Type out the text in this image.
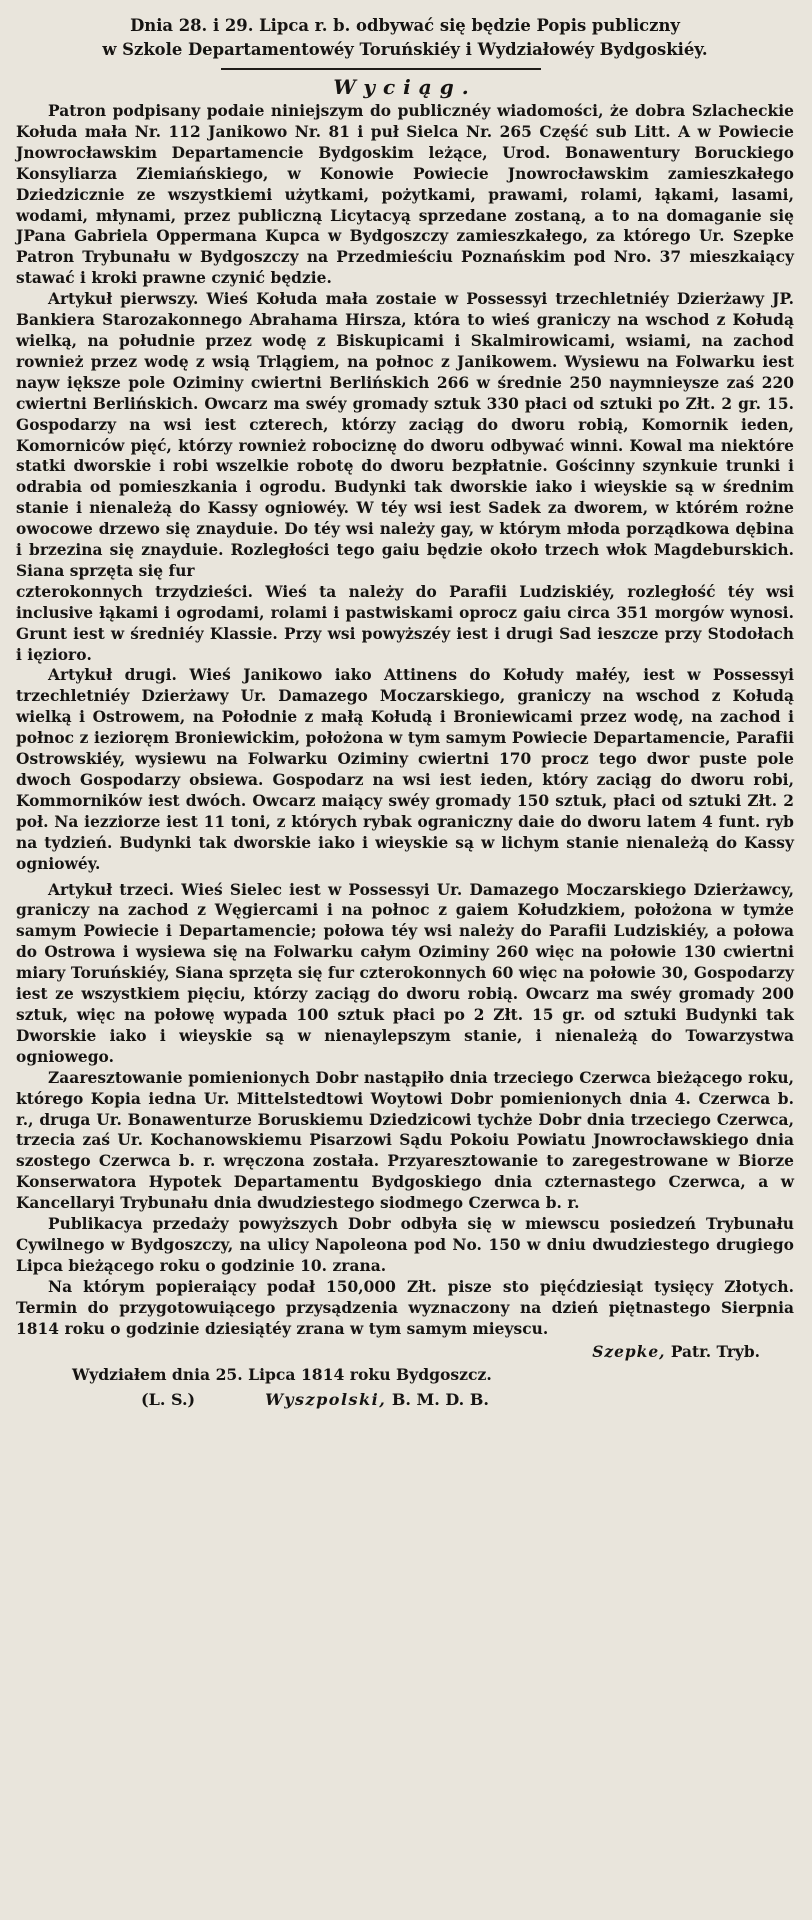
Dnia 28. i 29. Lipca r. b. odbywać się będzie Popis publiczny
w Szkole Departamentowéy Toruńskiéy i Wydziałowéy Bydgoskiéy.
Wyciąg.

Patron podpisany podaie niniejszym do publicznéy wiadomości, że dobra Szlacheckie Kołuda mała Nr. 112 Janikowo Nr. 81 i puł Sielca Nr. 265 Część sub Litt. A w Powiecie Jnowrocławskim Departamencie Bydgoskim leżące, Urod. Bonawentury Boruckiego Konsyliarza Ziemiańskiego, w Konowie Powiecie Jnowrocławskim zamieszkałego Dziedzicznie ze wszystkiemi użytkami, pożytkami, prawami, rolami, łąkami, lasami, wodami, młynami, przez publiczną Licytacyą sprzedane zostaną, a to na domaganie się JPana Gabriela Oppermana Kupca w Bydgoszczy zamieszkałego, za którego Ur. Szepke Patron Trybunału w Bydgoszczy na Przedmieściu Poznańskim pod Nro. 37 mieszkaiący stawać i kroki prawne czynić będzie.

Artykuł pierwszy. Wieś Kołuda mała zostaie w Possessyi trzechletniéy Dzierżawy JP. Bankiera Starozakonnego Abrahama Hirsza, która to wieś graniczy na wschod z Kołudą wielką, na południe przez wodę z Biskupicami i Skalmirowicami, wsiami, na zachod rownież przez wodę z wsią Trlągiem, na połnoc z Janikowem. Wysiewu na Folwarku iest nayw iększe pole Oziminy cwiertni Berlińskich 266 w średnie 250 naymnieysze zaś 220 cwiertni Berlińskich. Owcarz ma swéy gromady sztuk 330 płaci od sztuki po Złt. 2 gr. 15. Gospodarzy na wsi iest czterech, którzy zaciąg do dworu robią, Komornik ieden, Komorniców pięć, którzy rownież robociznę do dworu odbywać winni. Kowal ma niektóre statki dworskie i robi wszelkie robotę do dworu bezpłatnie. Gościnny szynkuie trunki i odrabia od pomieszkania i ogrodu. Budynki tak dworskie iako i wieyskie są w średnim stanie i nienależą do Kassy ogniowéy. W téy wsi iest Sadek za dworem, w którém rożne owocowe drzewo się znayduie. Do téy wsi należy gay, w którym młoda porządkowa dębina i brzezina się znayduie. Rozległości tego gaiu będzie około trzech włok Magdeburskich. Siana sprzęta się fur

czterokonnych trzydzieści. Wieś ta należy do Parafii Ludziskiéy, rozległość téy wsi inclusive łąkami i ogrodami, rolami i pastwiskami oprocz gaiu circa 351 morgów wynosi. Grunt iest w średniéy Klassie. Przy wsi powyższéy iest i drugi Sad ieszcze przy Stodołach i ięziorо.

Artykuł drugi. Wieś Janikowo iako Attinens do Kołudy małéy, iest w Possessyi trzechletniéy Dzierżawy Ur. Damazego Moczarskiego, graniczy na wschod z Kołudą wielką i Ostrowem, na Połodnie z małą Kołudą i Broniewicami przez wodę, na zachod i połnoc z iezioręm Broniewickim, położona w tym samym Powiecie Departamencie, Parafii Ostrowskiéy, wysiewu na Folwarku Oziminy cwiertni 170 procz tego dwor puste pole dwoch Gospodarzy obsiewa. Gospodarz na wsi iest ieden, który zaciąg do dworu robi, Kommorników iest dwóch. Owcarz maiący swéy gromady 150 sztuk, płaci od sztuki Złt. 2 poł. Na iezziorze iest 11 toni, z których rybak ograniczny daie do dworu latem 4 funt. ryb na tydzień. Budynki tak dworskie iako i wieyskie są w lichym stanie nienależą do Kassy ogniowéy.

Artykuł trzeci. Wieś Sielec iest w Possessyi Ur. Damazego Moczarskiego Dzierżawcy, graniczy na zachod z Węgiercami i na połnoc z gaiem Kołudzkiem, położona w tymże samym Powiecie i Departamencie; połowa téy wsi należy do Parafii Ludziskiéy, a połowa do Ostrowa i wysiewa się na Folwarku całym Oziminy 260 więc na połowie 130 cwiertni miary Toruńskiéy, Siana sprzęta się fur czterokonnych 60 więc na połowie 30, Gospodarzy iest ze wszystkiem pięciu, którzy zaciąg do dworu robią. Owcarz ma swéy gromady 200 sztuk, więc na połowę wypada 100 sztuk płaci po 2 Złt. 15 gr. od sztuki Budynki tak Dworskie iako i wieyskie są w nienaylepszym stanie, i nienależą do Towarzystwa ogniowego.

Zaaresztowanie pomienionych Dobr nastąpiło dnia trzeciego Czerwca bieżącego roku, którego Kopia iedna Ur. Mittelstedtowi Woytowi Dobr pomienionych dnia 4. Czerwca b. r., druga Ur. Bonawenturze Boruskiemu Dziedzicowi tychże Dobr dnia trzeciego Czerwca, trzecia zaś Ur. Kochanowskiemu Pisarzowi Sądu Pokoiu Powiatu Jnowrocławskiego dnia szostego Czerwca b. r. wręczona została. Przyaresztowanie to zaregestrowane w Biorze Konserwatora Hypotek Departamentu Bydgoskiego dnia czternastego Czerwca, a w Kancellaryi Trybunału dnia dwudziestego siodmego Czerwca b. r.

Publikacya przedaży powyższych Dobr odbyła się w miewscu posiedzeń Trybunału Cywilnego w Bydgoszczy, na ulicy Napoleona pod No. 150 w dniu dwudziestego drugiego Lipca bieżącego roku o godzinie 10. zrana.

Na którym popieraiący podał 150,000 Złt. pisze sto pięćdziesiąt tysięcy Złotych. Termin do przygotowuiącego przysądzenia wyznaczony na dzień piętnastego Sierpnia 1814 roku o godzinie dziesiątéy zrana w tym samym mieyscu.

Szepke, Patr. Tryb.
Wydziałem dnia 25. Lipca 1814 roku Bydgoszcz.
(L. S.)	Wyszpolski, B. M. D. B.
